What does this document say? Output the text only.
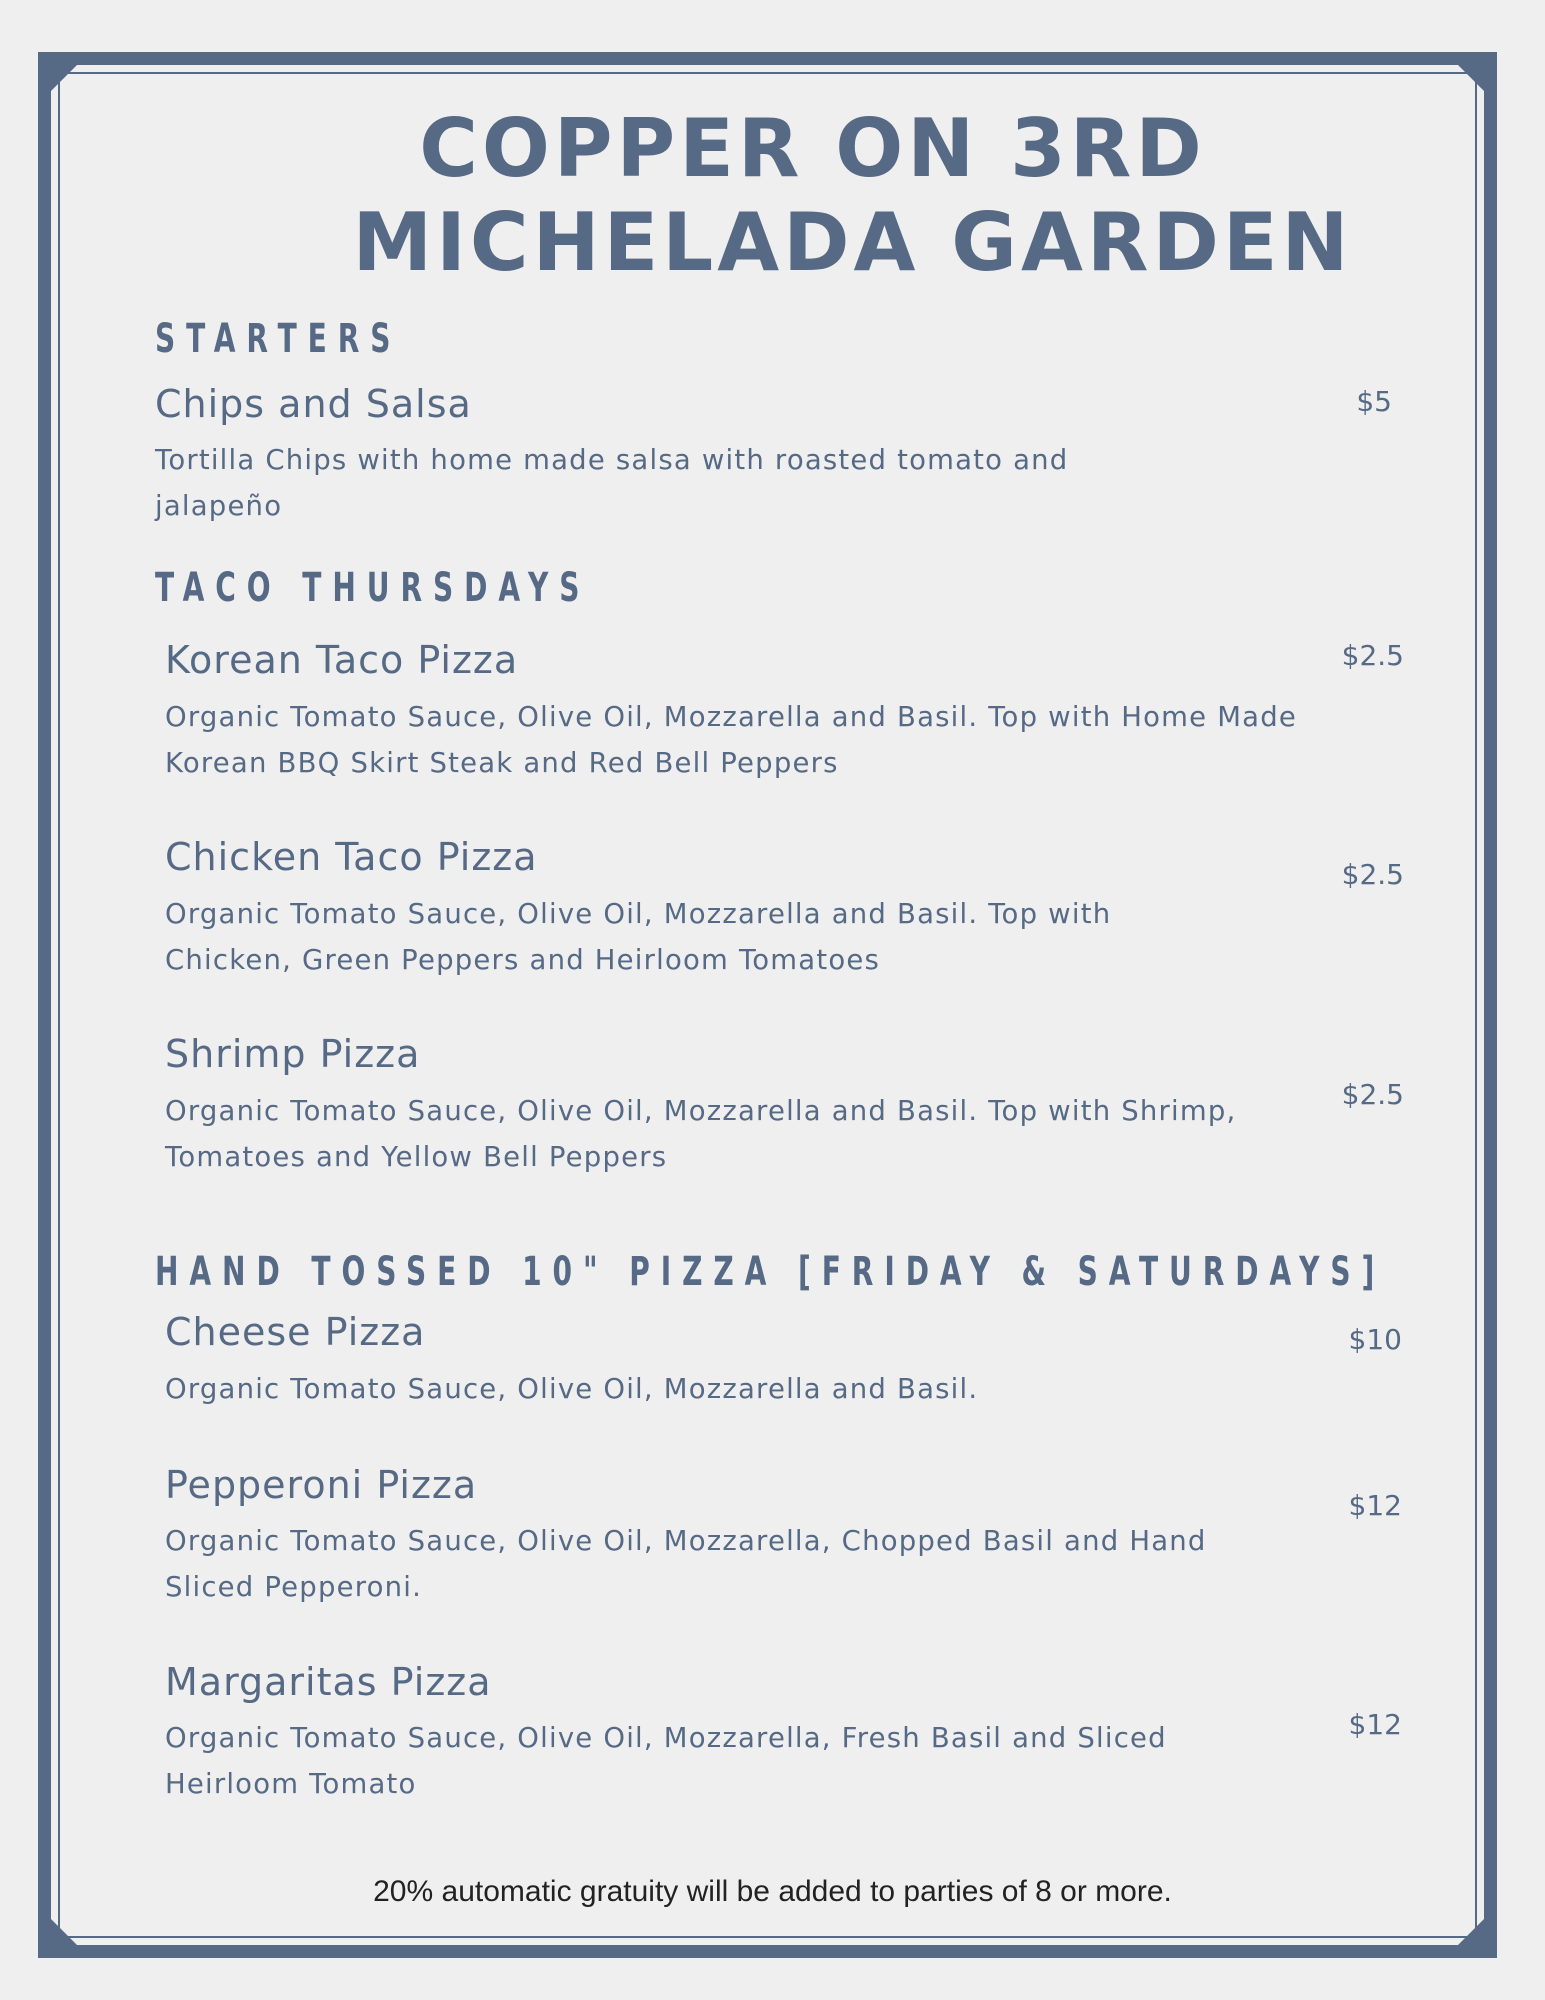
COPPER ON 3RD
MICHELADA GARDEN
STARTERS
Chips and Salsa	$5
Tortilla Chips with home made salsa with roasted tomato and jalapeño
TACO THURSDAYS
Korean Taco Pizza	$2.5
Organic Tomato Sauce, Olive Oil, Mozzarella and Basil. Top with Home Made Korean BBQ Skirt Steak and Red Bell Peppers
Chicken Taco Pizza	$2.5
Organic Tomato Sauce, Olive Oil, Mozzarella and Basil. Top with Chicken, Green Peppers and Heirloom Tomatoes
Shrimp Pizza
$2.5
Organic Tomato Sauce, Olive Oil, Mozzarella and Basil. Top with Shrimp, Tomatoes and Yellow Bell Peppers
HAND TOSSED 10" PIZZA [FRIDAY & SATURDAYS]
Cheese Pizza	$10
Organic Tomato Sauce, Olive Oil, Mozzarella and Basil.
Pepperoni Pizza	$12
Organic Tomato Sauce, Olive Oil, Mozzarella, Chopped Basil and Hand Sliced Pepperoni.
Margaritas Pizza
$12
Organic Tomato Sauce, Olive Oil, Mozzarella, Fresh Basil and Sliced Heirloom Tomato
20% automatic gratuity will be added to parties of 8 or more.
